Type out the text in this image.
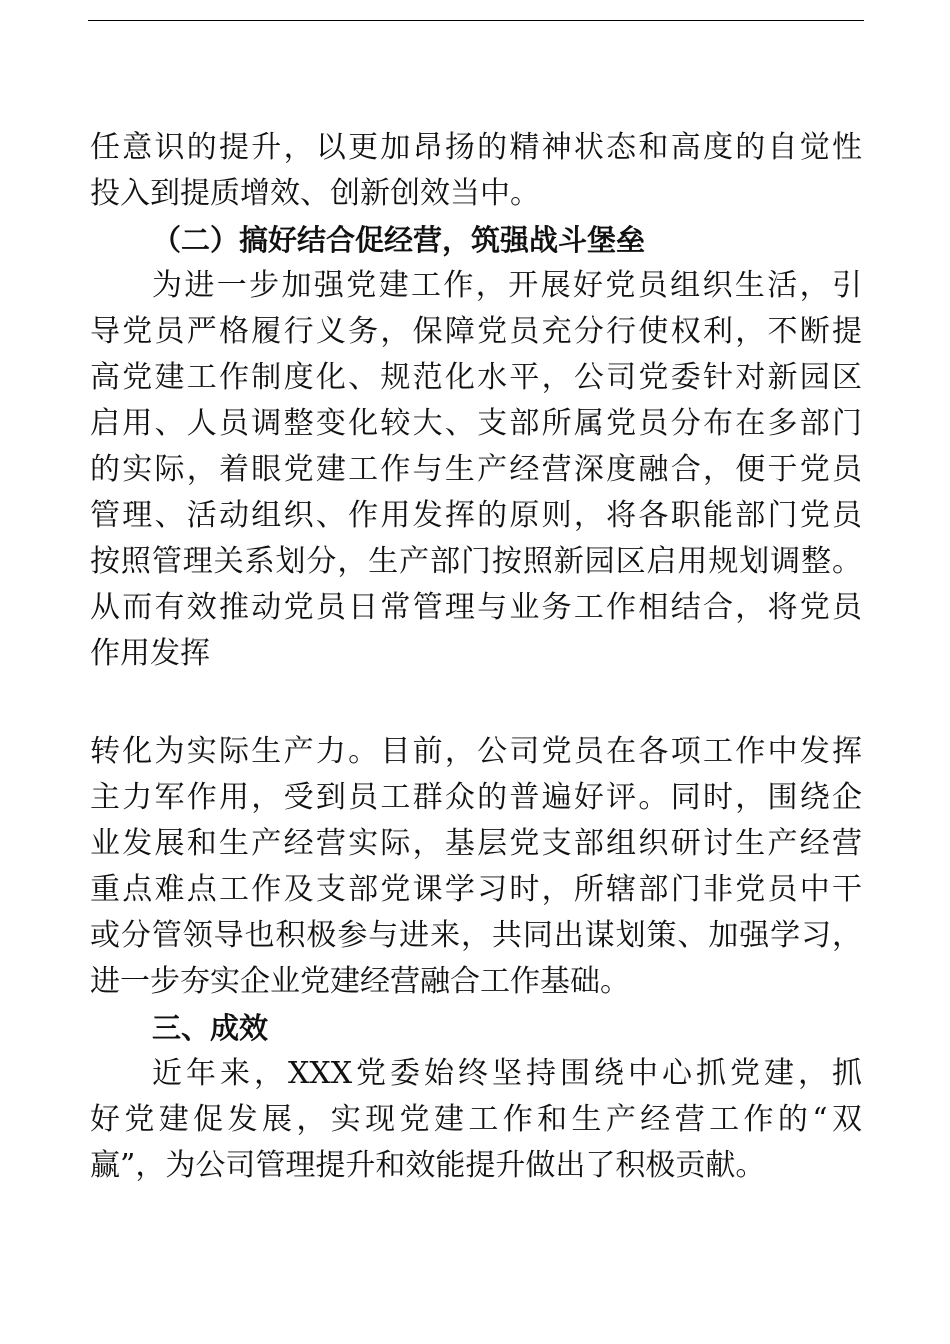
任意识的提升，以更加昂扬的精神状态和高度的自觉性
投入到提质增效、创新创效当中。
（二）搞好结合促经营，筑强战斗堡垒
为进一步加强党建工作，开展好党员组织生活，引
导党员严格履行义务，保障党员充分行使权利，不断提
高党建工作制度化、规范化水平，公司党委针对新园区
启用、人员调整变化较大、支部所属党员分布在多部门
的实际，着眼党建工作与生产经营深度融合，便于党员
管理、活动组织、作用发挥的原则，将各职能部门党员
按照管理关系划分，生产部门按照新园区启用规划调整。
从而有效推动党员日常管理与业务工作相结合，将党员
作用发挥
转化为实际生产力。目前，公司党员在各项工作中发挥
主力军作用，受到员工群众的普遍好评。同时，围绕企
业发展和生产经营实际，基层党支部组织研讨生产经营
重点难点工作及支部党课学习时，所辖部门非党员中干
或分管领导也积极参与进来，共同出谋划策、加强学习，
进一步夯实企业党建经营融合工作基础。
三、成效
近年来，XXX党委始终坚持围绕中心抓党建，抓
好党建促发展，实现党建工作和生产经营工作的“双
赢”，为公司管理提升和效能提升做出了积极贡献。
